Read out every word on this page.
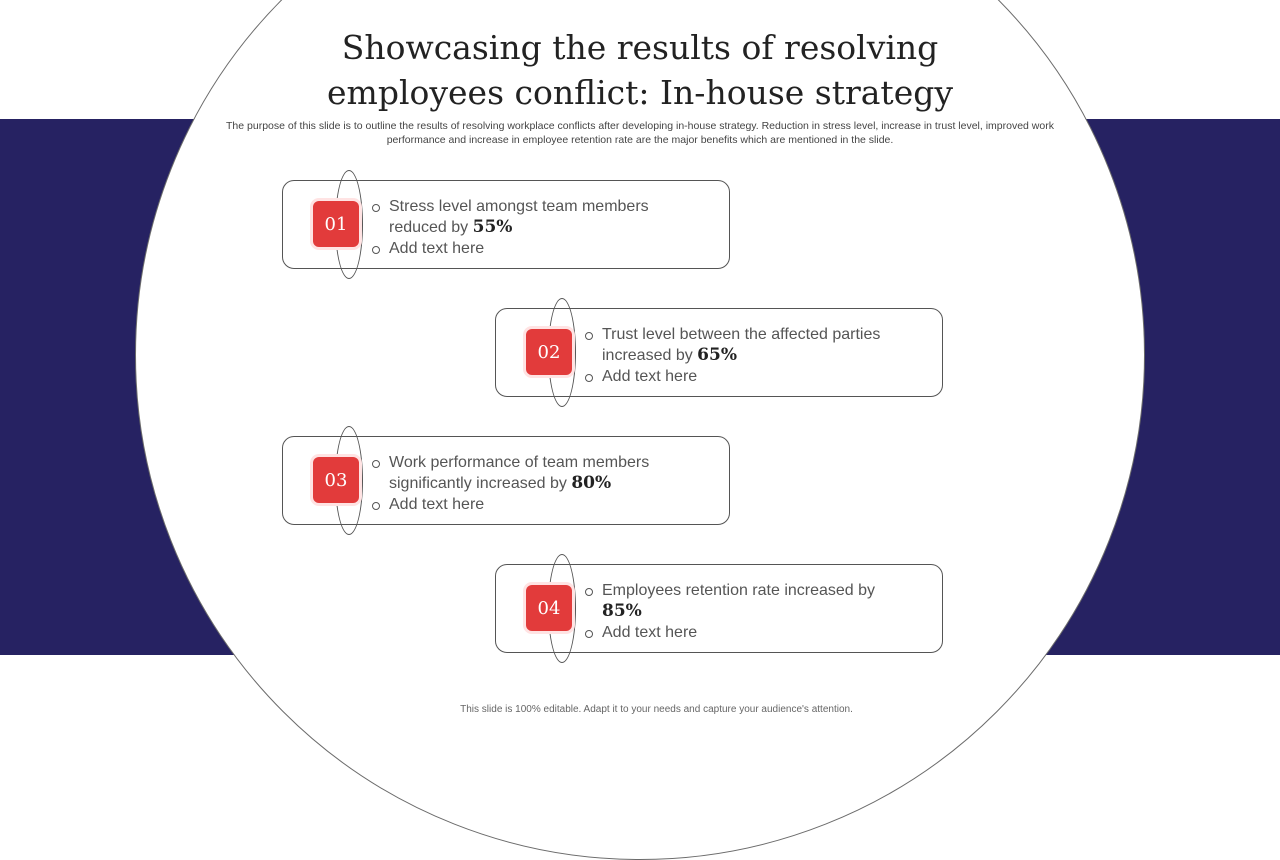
Showcasing the results of resolving
employees conflict: In-house strategy

The purpose of this slide is to outline the results of resolving workplace conflicts after developing in-house strategy. Reduction in stress level, increase in trust level, improved work performance and increase in employee retention rate are the major benefits which are mentioned in the slide.

01
Stress level amongst team members reduced by 55%
Add text here
02
Trust level between the affected parties increased by 65%
Add text here
03
Work performance of team members significantly increased by 80%
Add text here
04
Employees retention rate increased by 85%
Add text here

This slide is 100% editable. Adapt it to your needs and capture your audience's attention.
